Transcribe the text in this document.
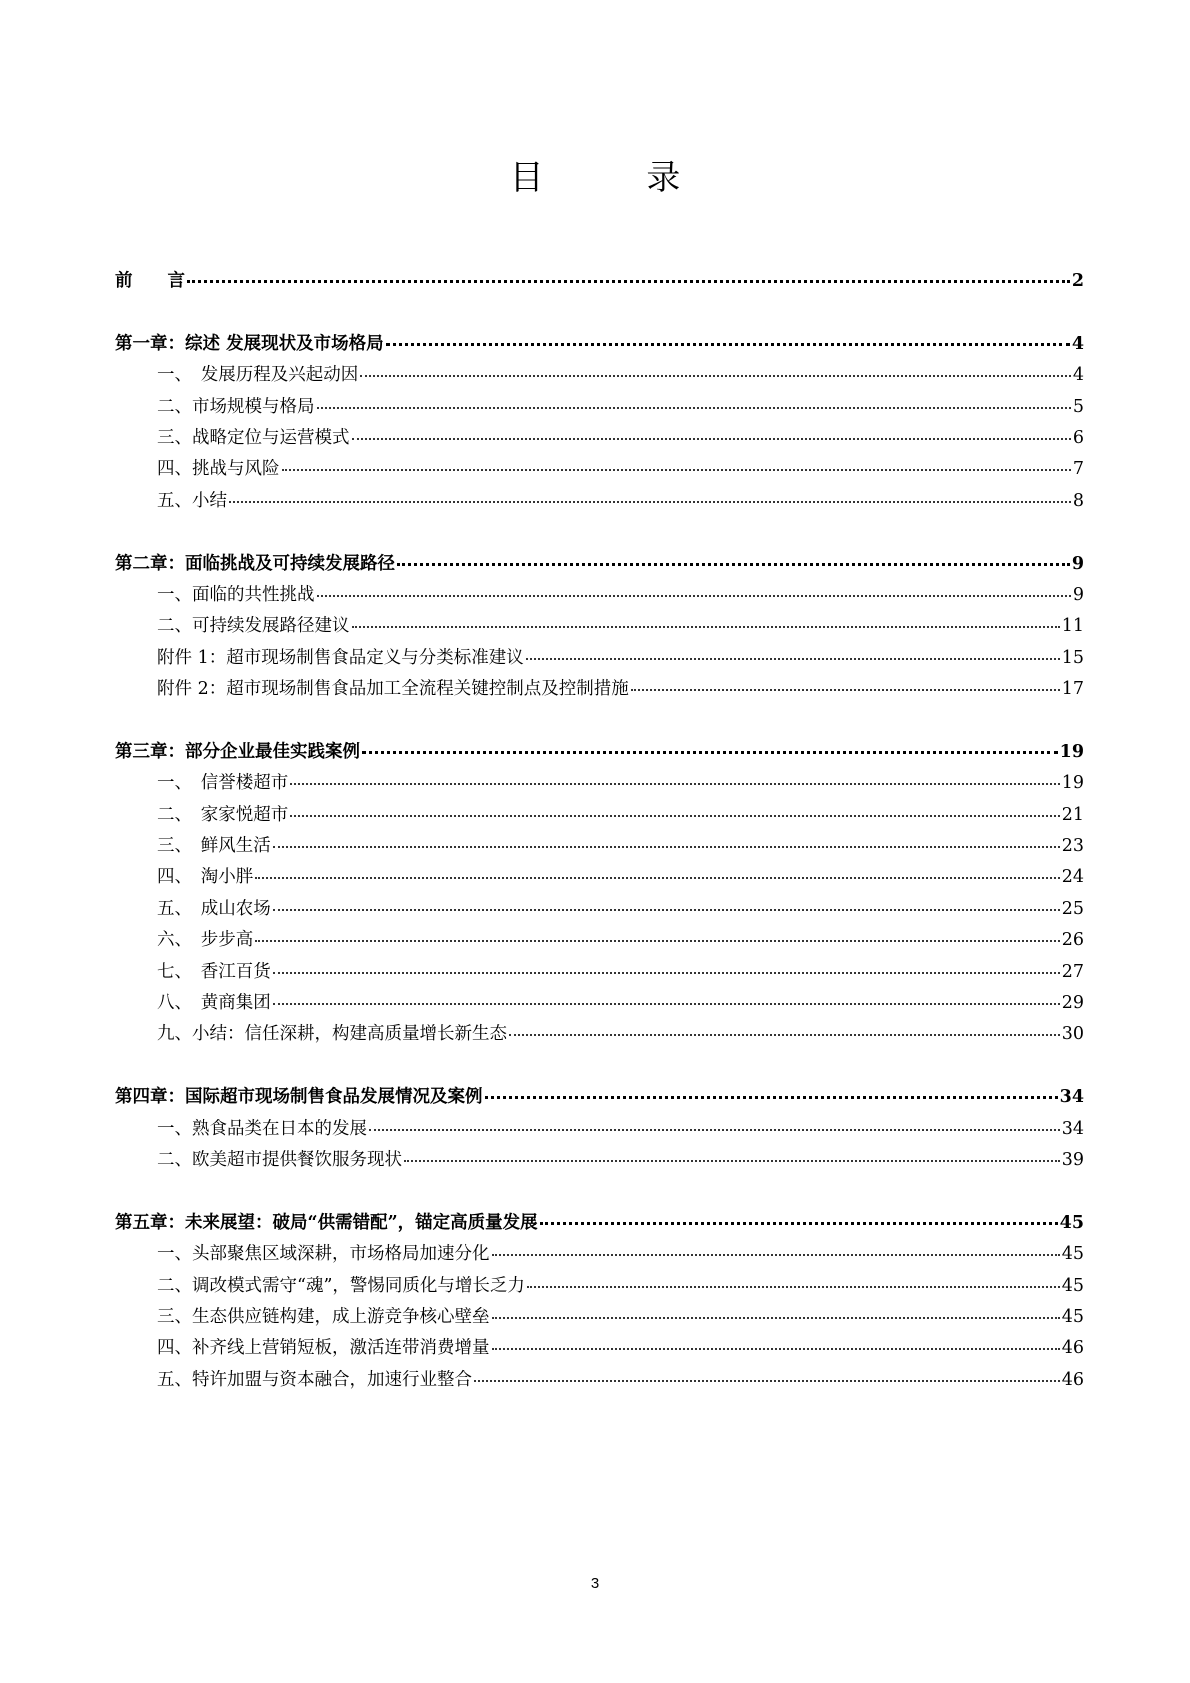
目 录
前　　言	2
第一章：综述 发展现状及市场格局	4
一、　发展历程及兴起动因	4
二、市场规模与格局	5
三、战略定位与运营模式	6
四、挑战与风险	7
五、小结	8
第二章：面临挑战及可持续发展路径	9
一、面临的共性挑战	9
二、可持续发展路径建议	11
附件 1：超市现场制售食品定义与分类标准建议	15
附件 2：超市现场制售食品加工全流程关键控制点及控制措施	17
第三章：部分企业最佳实践案例	19
一、　信誉楼超市	19
二、　家家悦超市	21
三、　鲜风生活	23
四、　淘小胖	24
五、　成山农场	25
六、　步步高	26
七、　香江百货	27
八、　黄商集团	29
九、小结：信任深耕，构建高质量增长新生态	30
第四章：国际超市现场制售食品发展情况及案例	34
一、熟食品类在日本的发展	34
二、欧美超市提供餐饮服务现状	39
第五章：未来展望：破局“供需错配”，锚定高质量发展	45
一、头部聚焦区域深耕，市场格局加速分化	45
二、调改模式需守“魂”，警惕同质化与增长乏力	45
三、生态供应链构建，成上游竞争核心壁垒	45
四、补齐线上营销短板，激活连带消费增量	46
五、特许加盟与资本融合，加速行业整合	46
3
